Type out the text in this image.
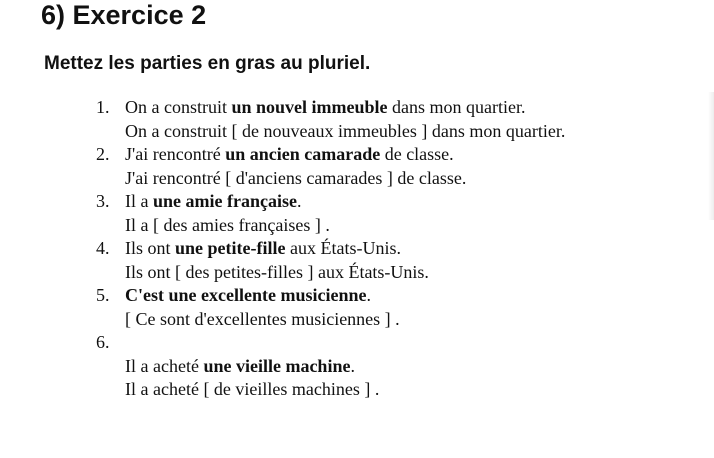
6) Exercice 2

Mettez les parties en gras au pluriel.

1. On a construit un nouvel immeuble dans mon quartier.
On a construit [ de nouveaux immeubles ] dans mon quartier.
2. J'ai rencontré un ancien camarade de classe.
J'ai rencontré [ d'anciens camarades ] de classe.
3. Il a une amie française.
Il a [ des amies françaises ] .
4. Ils ont une petite-fille aux États-Unis.
Ils ont [ des petites-filles ] aux États-Unis.
5. C'est une excellente musicienne.
[ Ce sont d'excellentes musiciennes ] .
6.
Il a acheté une vieille machine.
Il a acheté [ de vieilles machines ] .
